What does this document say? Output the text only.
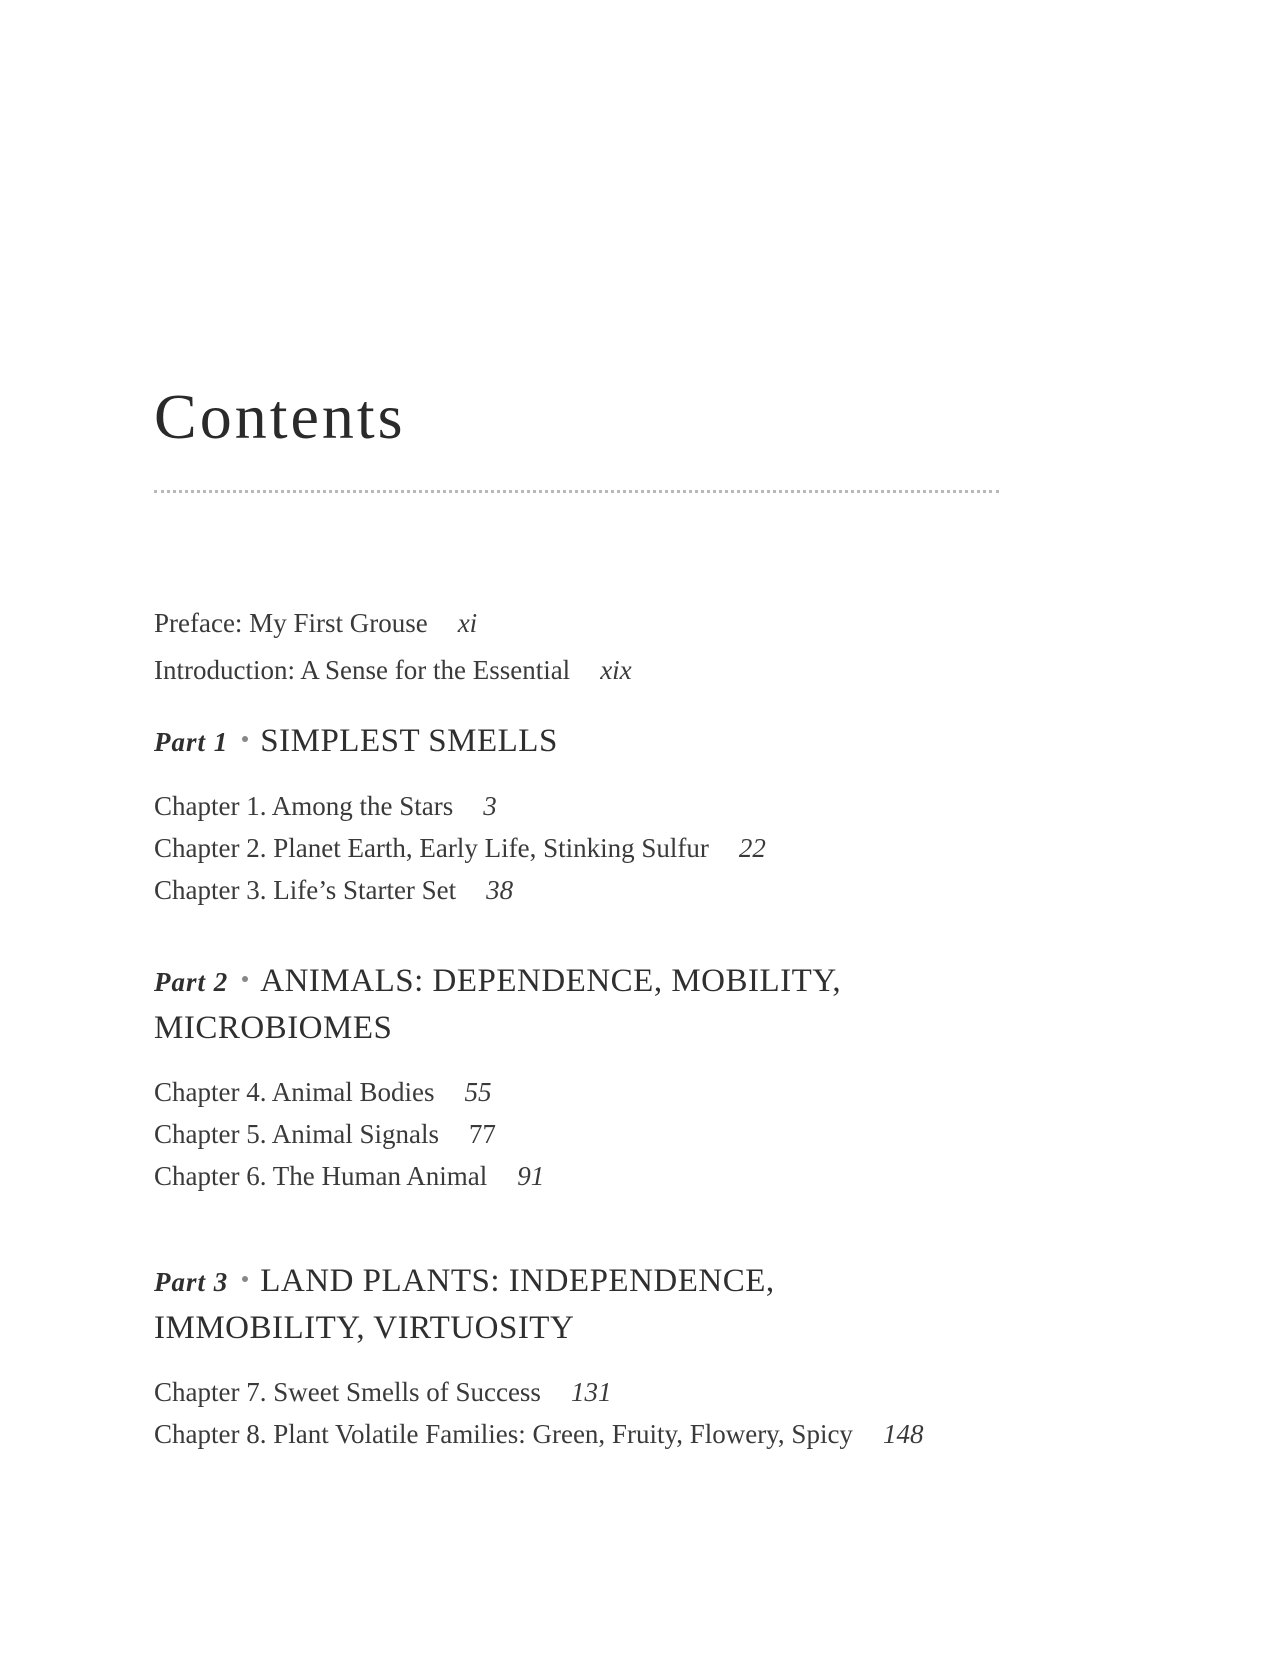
Contents
Preface: My First Grouse xi
Introduction: A Sense for the Essential xix
Part 1 SIMPLEST SMELLS
Chapter 1. Among the Stars 3
Chapter 2. Planet Earth, Early Life, Stinking Sulfur 22
Chapter 3. Life’s Starter Set 38
Part 2 ANIMALS: DEPENDENCE, MOBILITY, MICROBIOMES
Chapter 4. Animal Bodies 55
Chapter 5. Animal Signals 77
Chapter 6. The Human Animal 91
Part 3 LAND PLANTS: INDEPENDENCE, IMMOBILITY, VIRTUOSITY
Chapter 7. Sweet Smells of Success 131
Chapter 8. Plant Volatile Families: Green, Fruity, Flowery, Spicy 148
